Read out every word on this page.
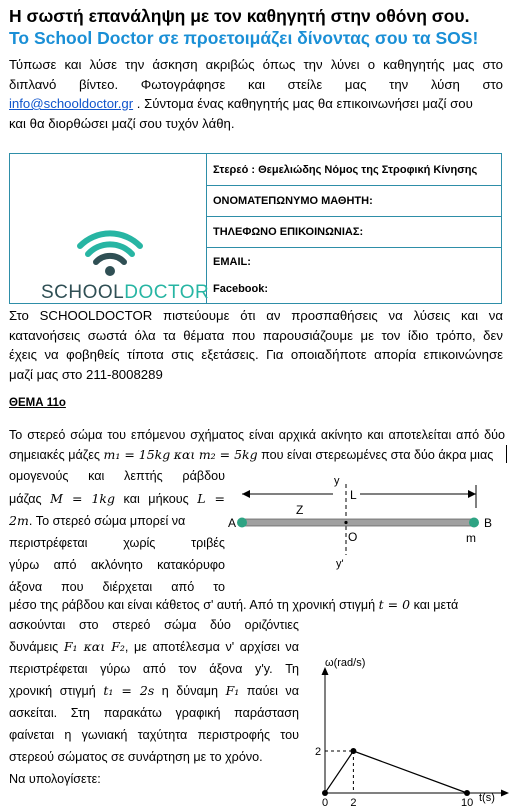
Η σωστή επανάληψη με τον καθηγητή στην οθόνη σου.
Το School Doctor σε προετοιμάζει δίνοντας σου τα SOS!
Τύπωσε και λύσε την άσκηση ακριβώς όπως την λύνει ο καθηγητής μας στο
διπλανό βίντεο. Φωτογράφησε και στείλε μας την λύση στο
info@schooldoctor.gr . Σύντομα ένας καθηγητής μας θα επικοινωνήσει μαζί σου
και θα διορθώσει μαζί σου τυχόν λάθη.
SCHOOLDOCTOR
	Στερεό : Θεμελιώδης Νόμος της Στροφική Κίνησης
ΟΝΟΜΑΤΕΠΩΝΥΜΟ ΜΑΘΗΤΗ:
ΤΗΛΕΦΩΝΟ ΕΠΙΚΟΙΝΩΝΙΑΣ:
EMAIL:
Facebook:
Στο SCHOOLDOCTOR πιστεύουμε ότι αν προσπαθήσεις να λύσεις και να
κατανοήσεις σωστά όλα τα θέματα που παρουσιάζουμε με τον ίδιο τρόπο, δεν
έχεις να φοβηθείς τίποτα στις εξετάσεις. Για οποιαδήποτε απορία επικοινώνησε
μαζί μας στο 211-8008289
ΘΕΜΑ 11ο
Το στερεό σώμα του επόμενου σχήματος είναι αρχικά ακίνητο και αποτελείται από δύο
σημειακές μάζες m₁ = 15kg και m₂ = 5kg που είναι στερεωμένες στα δύο άκρα μιας
ομογενούς και λεπτής ράβδου
μάζας M = 1kg και μήκους L =
2m. Το στερεό σώμα μπορεί να
περιστρέφεται χωρίς τριβές
γύρω από ακλόνητο κατακόρυφο
άξονα που διέρχεται από το
L
y
y'
A	B
Z
O	m
μέσο της ράβδου και είναι κάθετος σ' αυτή. Από τη χρονική στιγμή t = 0 και μετά
ασκούνται στο στερεό σώμα δύο οριζόντιες
δυνάμεις F₁ και F₂, με αποτέλεσμα ν' αρχίσει να
περιστρέφεται γύρω από τον άξονα y'y. Τη
χρονική στιγμή t₁ = 2s η δύναμη F₁ παύει να
ασκείται. Στη παρακάτω γραφική παράσταση
φαίνεται η γωνιακή ταχύτητα περιστροφής του
στερεού σώματος σε συνάρτηση με το χρόνο.
Να υπολογίσετε:
ω(rad/s)
t(s)
0 2	10
2
